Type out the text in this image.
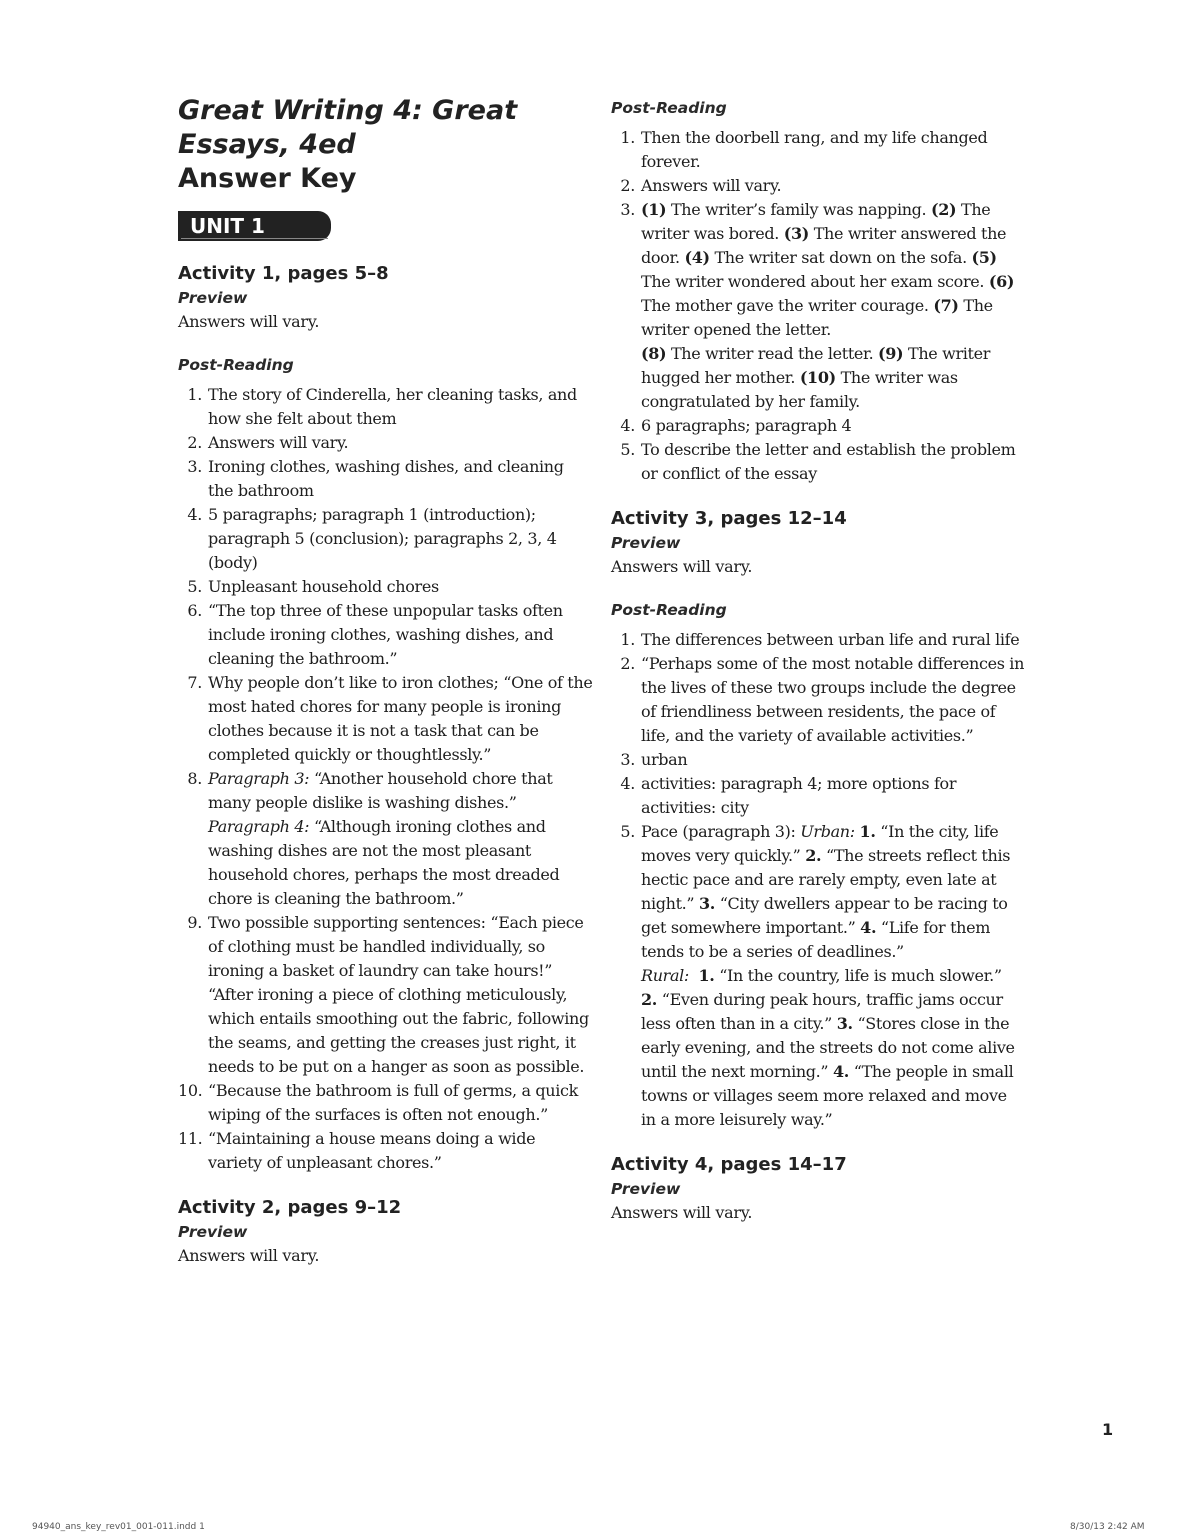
Great Writing 4: Great
Essays, 4ed
Answer Key
UNIT 1
Activity 1, pages 5–8
Preview

Answers will vary.

Post-Reading
1. The story of Cinderella, her cleaning tasks, and how she felt about them
2. Answers will vary.
3. Ironing clothes, washing dishes, and cleaning the bathroom
4. 5 paragraphs; paragraph 1 (introduction); paragraph 5 (conclusion); paragraphs 2, 3, 4 (body)
5. Unpleasant household chores
6. “The top three of these unpopular tasks often include ironing clothes, washing dishes, and cleaning the bathroom.”
7. Why people don’t like to iron clothes; “One of the most hated chores for many people is ironing clothes because it is not a task that can be completed quickly or thoughtlessly.”
8. Paragraph 3: “Another household chore that many people dislike is washing dishes.”
Paragraph 4: “Although ironing clothes and washing dishes are not the most pleasant household chores, perhaps the most dreaded chore is cleaning the bathroom.”
9. Two possible supporting sentences: “Each piece of clothing must be handled individually, so ironing a basket of laundry can take hours!” “After ironing a piece of clothing meticulously, which entails smoothing out the fabric, following the seams, and getting the creases just right, it needs to be put on a hanger as soon as possible.
10. “Because the bathroom is full of germs, a quick wiping of the surfaces is often not enough.”
11. “Maintaining a house means doing a wide variety of unpleasant chores.”
Activity 2, pages 9–12
Preview

Answers will vary.

Post-Reading
1. Then the doorbell rang, and my life changed forever.
2. Answers will vary.
3. (1) The writer’s family was napping. (2) The writer was bored. (3) The writer answered the door. (4) The writer sat down on the sofa. (5) The writer wondered about her exam score. (6) The mother gave the writer courage. (7) The writer opened the letter.
(8) The writer read the letter. (9) The writer hugged her mother. (10) The writer was congratulated by her family.
4. 6 paragraphs; paragraph 4
5. To describe the letter and establish the problem or conflict of the essay
Activity 3, pages 12–14
Preview

Answers will vary.

Post-Reading
1. The differences between urban life and rural life
2. “Perhaps some of the most notable differences in the lives of these two groups include the degree of friendliness between residents, the pace of life, and the variety of available activities.”
3. urban
4. activities: paragraph 4; more options for activities: city
5. Pace (paragraph 3): Urban: 1. “In the city, life moves very quickly.” 2. “The streets reflect this hectic pace and are rarely empty, even late at night.” 3. “City dwellers appear to be racing to get somewhere important.” 4. “Life for them tends to be a series of deadlines.”
Rural: 1. “In the country, life is much slower.”
2. “Even during peak hours, traffic jams occur less often than in a city.” 3. “Stores close in the early evening, and the streets do not come alive until the next morning.” 4. “The people in small towns or villages seem more relaxed and move in a more leisurely way.”
Activity 4, pages 14–17
Preview

Answers will vary.

1
94940_ans_key_rev01_001-011.indd 1	8/30/13 2:42 AM
